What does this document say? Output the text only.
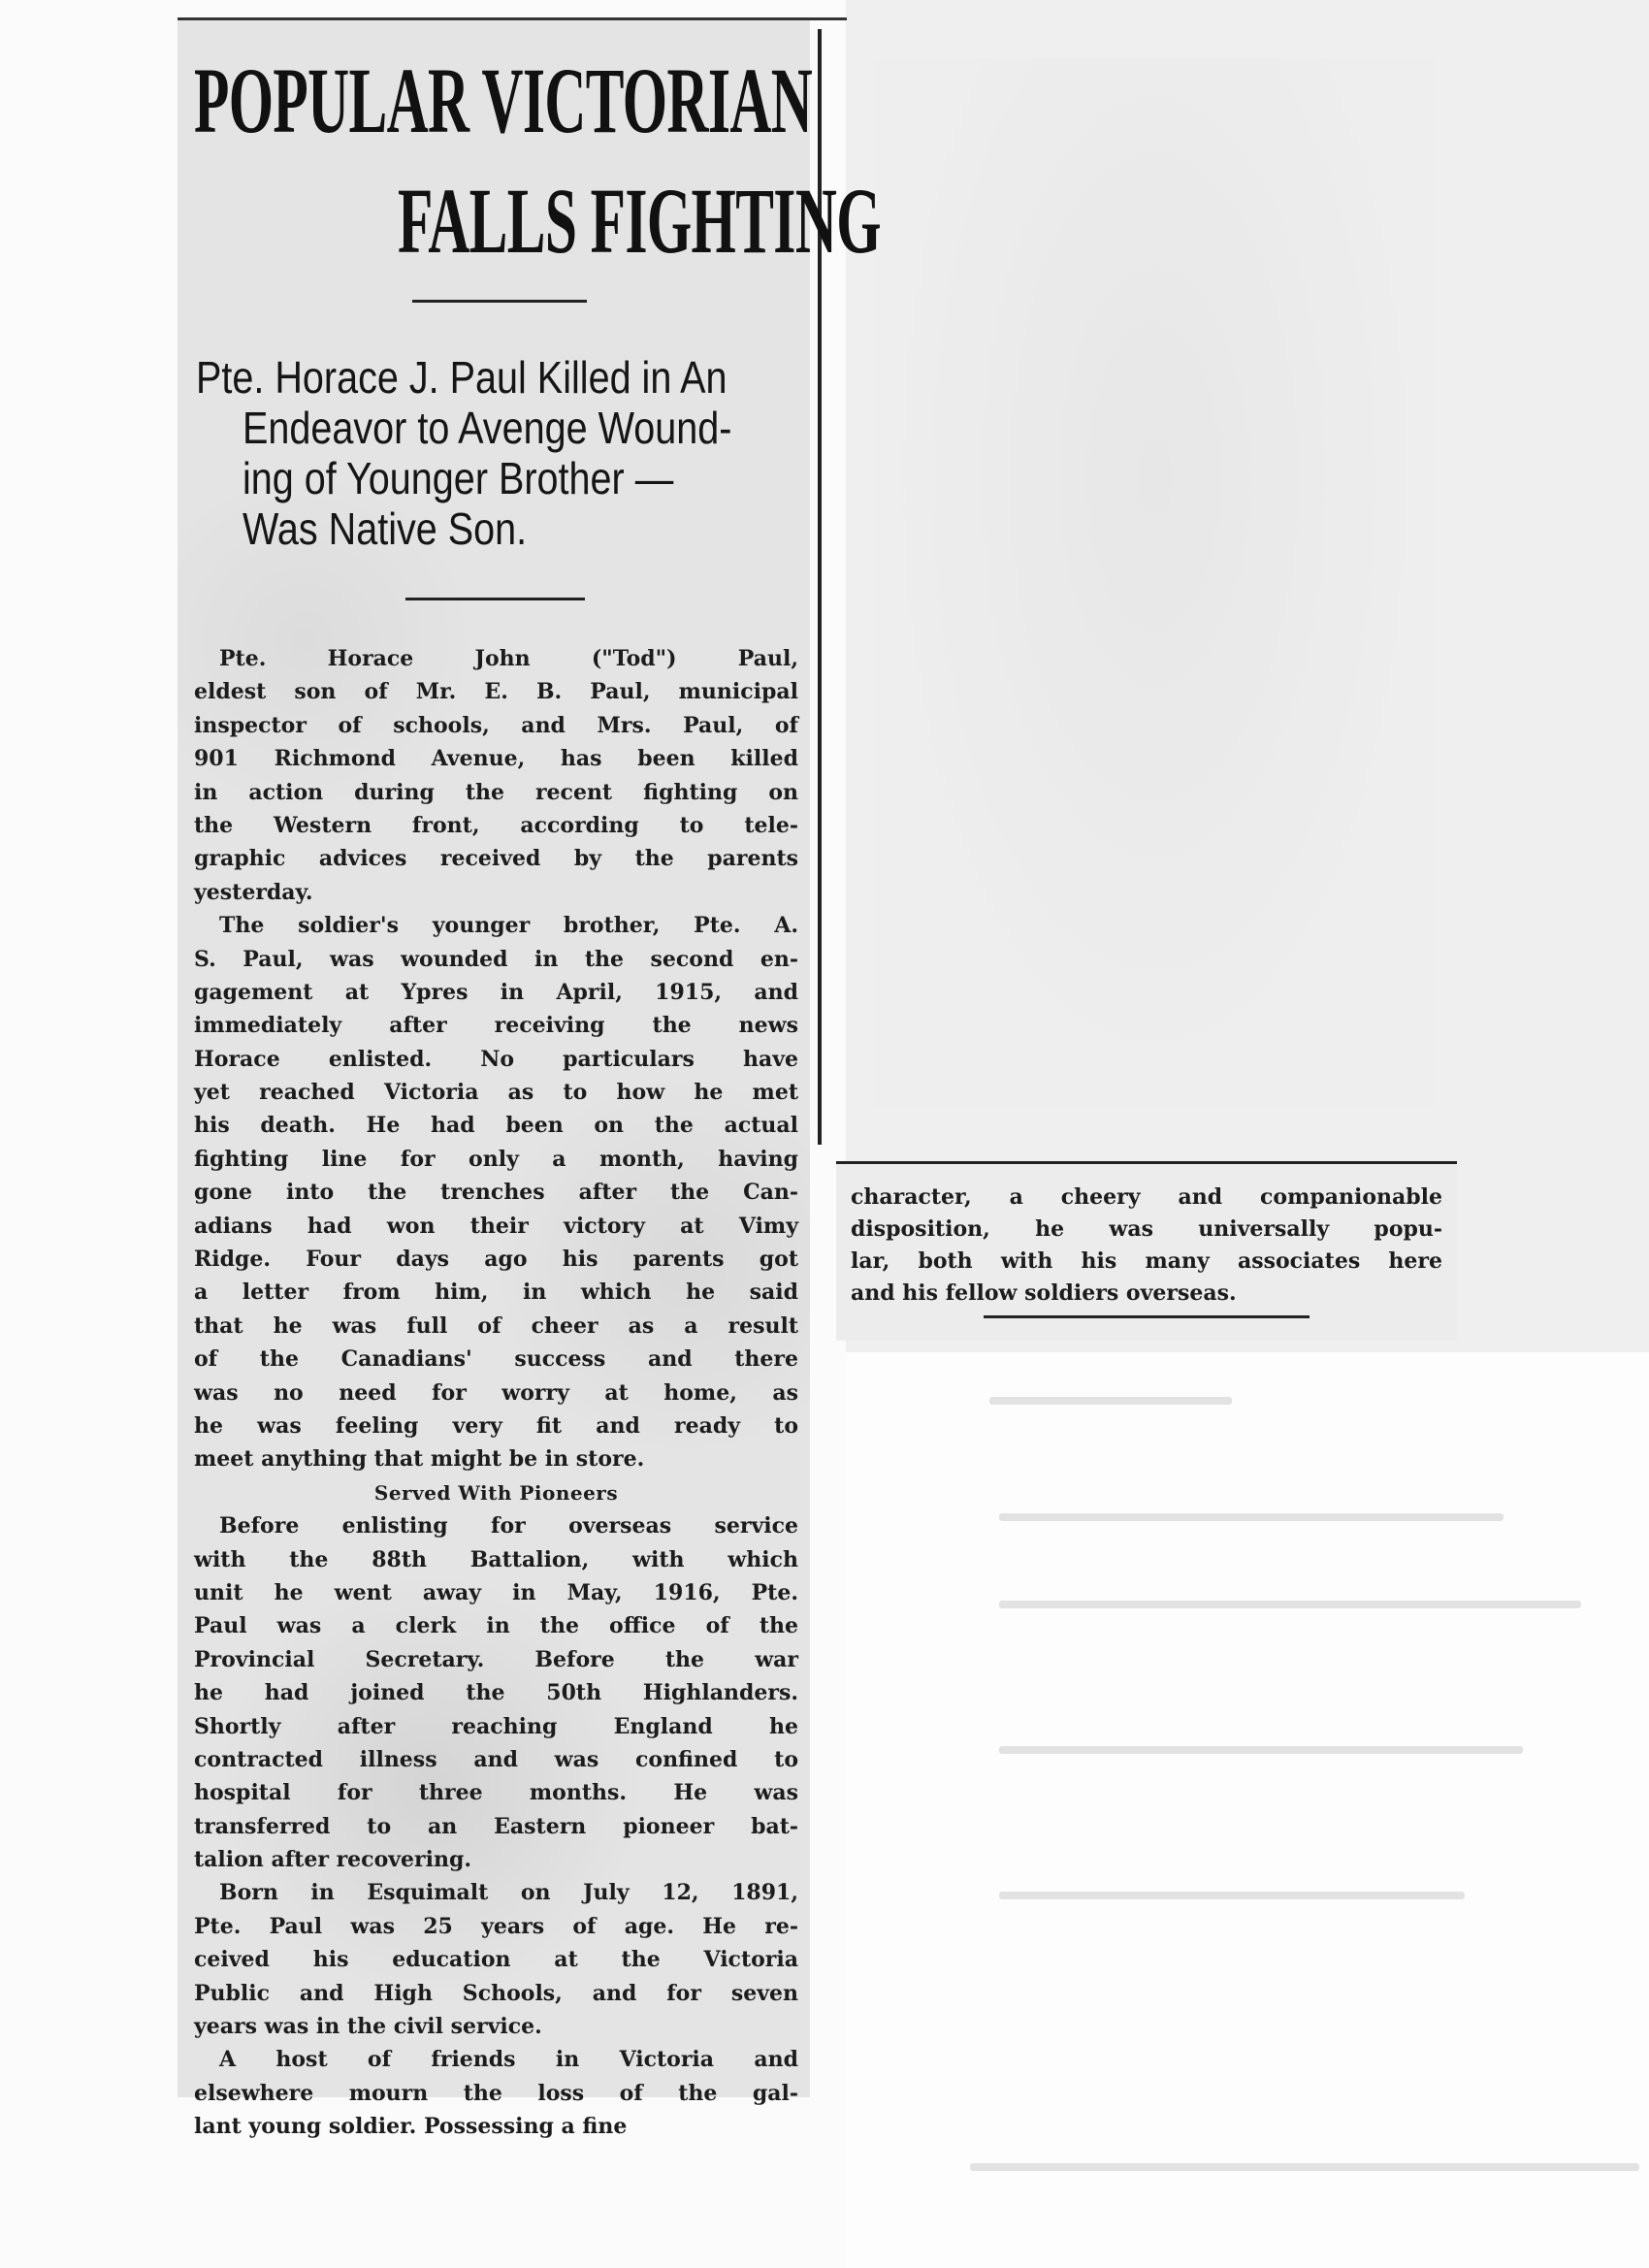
POPULAR VICTORIAN
FALLS FIGHTING
Pte. Horace J. Paul Killed in An
Endeavor to Avenge Wound-
ing of Younger Brother —
Was Native Son.
Pte. Horace John ("Tod") Paul,
eldest son of Mr. E. B. Paul, municipal
inspector of schools, and Mrs. Paul, of
901 Richmond Avenue, has been killed
in action during the recent fighting on
the Western front, according to tele-
graphic advices received by the parents
yesterday.
The soldier's younger brother, Pte. A.
S. Paul, was wounded in the second en-
gagement at Ypres in April, 1915, and
immediately after receiving the news
Horace enlisted. No particulars have
yet reached Victoria as to how he met
his death. He had been on the actual
fighting line for only a month, having
gone into the trenches after the Can-
adians had won their victory at Vimy
Ridge. Four days ago his parents got
a letter from him, in which he said
that he was full of cheer as a result
of the Canadians' success and there
was no need for worry at home, as
he was feeling very fit and ready to
meet anything that might be in store.
Served With Pioneers
Before enlisting for overseas service
with the 88th Battalion, with which
unit he went away in May, 1916, Pte.
Paul was a clerk in the office of the
Provincial Secretary. Before the war
he had joined the 50th Highlanders.
Shortly after reaching England he
contracted illness and was confined to
hospital for three months. He was
transferred to an Eastern pioneer bat-
talion after recovering.
Born in Esquimalt on July 12, 1891,
Pte. Paul was 25 years of age. He re-
ceived his education at the Victoria
Public and High Schools, and for seven
years was in the civil service.
A host of friends in Victoria and
elsewhere mourn the loss of the gal-
lant young soldier. Possessing a fine
character, a cheery and companionable
disposition, he was universally popu-
lar, both with his many associates here
and his fellow soldiers overseas.
